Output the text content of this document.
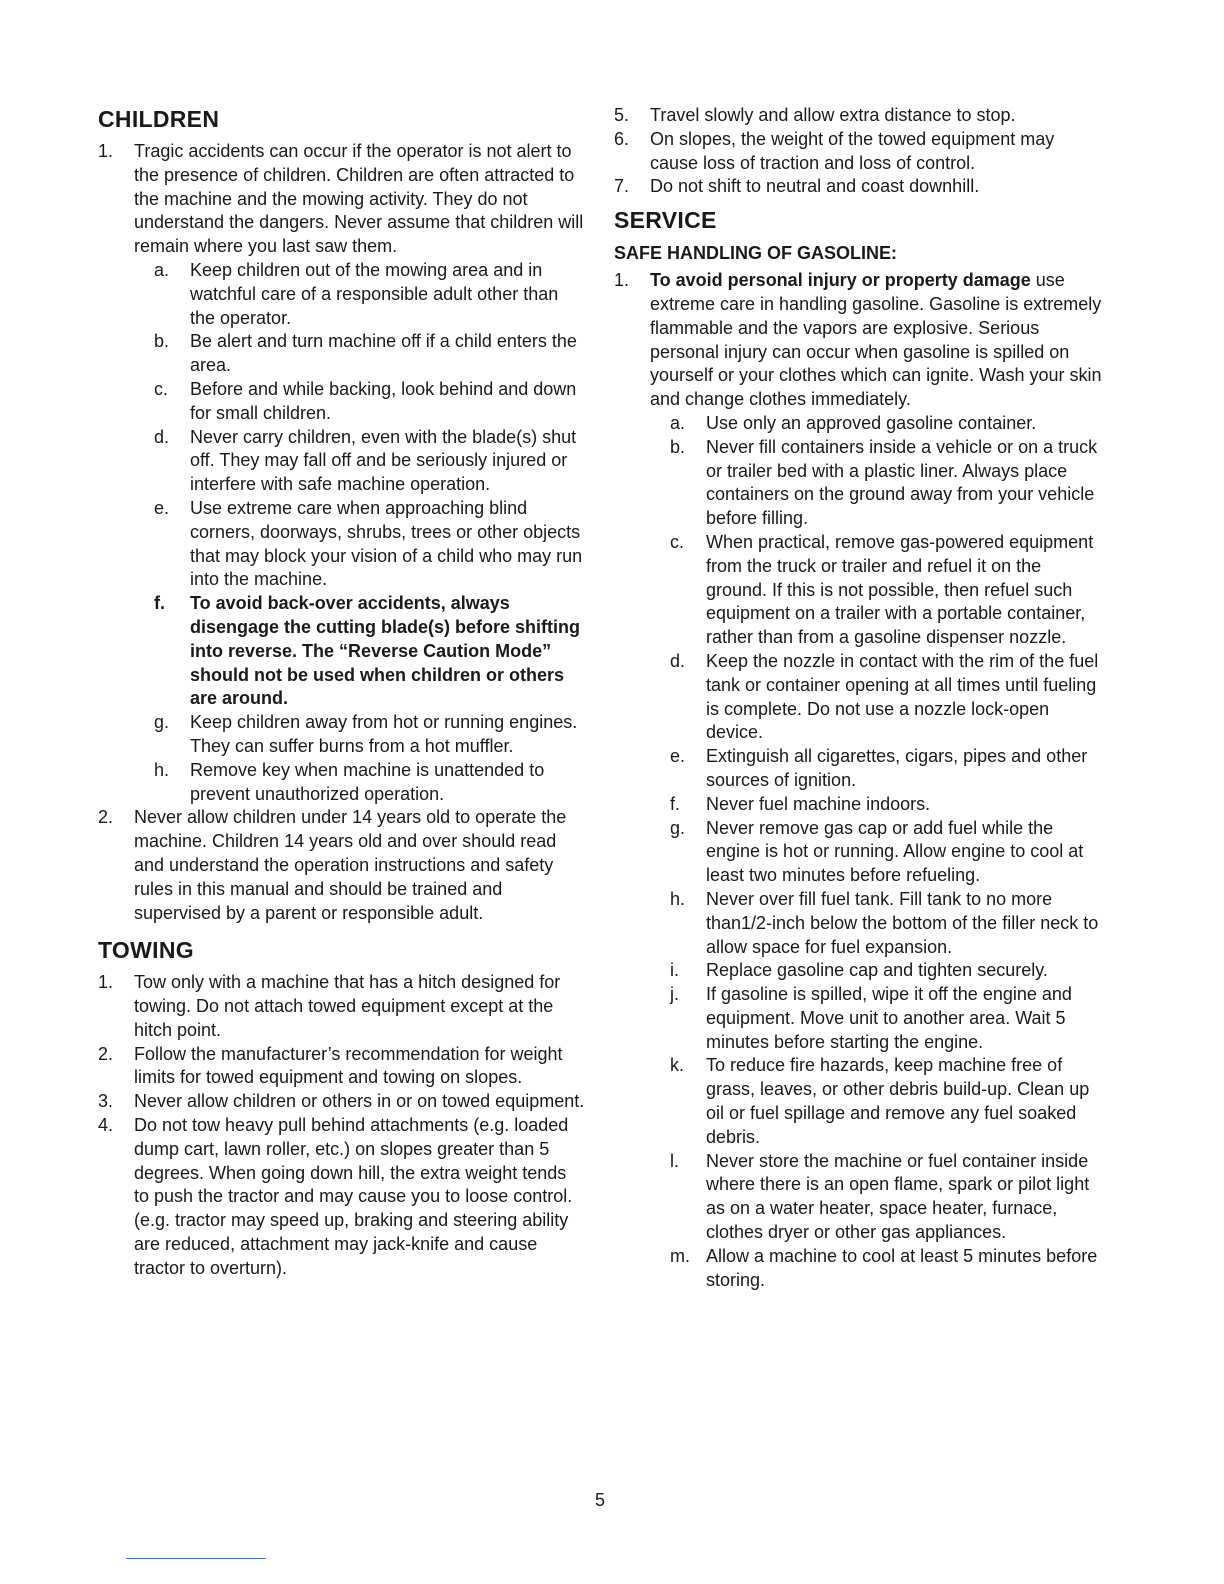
CHILDREN
1.	Tragic accidents can occur if the operator is not alert to the presence of children. Children are often attracted to the machine and the mowing activity. They do not understand the dangers. Never assume that children will remain where you last saw them.
a.	Keep children out of the mowing area and in watchful care of a responsible adult other than the operator.
b.	Be alert and turn machine off if a child enters the area.
c.	Before and while backing, look behind and down for small children.
d.	Never carry children, even with the blade(s) shut off. They may fall off and be seriously injured or interfere with safe machine operation.
e.	Use extreme care when approaching blind corners, doorways, shrubs, trees or other objects that may block your vision of a child who may run into the machine.
f.	To avoid back-over accidents, always disengage the cutting blade(s) before shifting into reverse. The “Reverse Caution Mode” should not be used when children or others are around.
g.	Keep children away from hot or running engines. They can suffer burns from a hot muffler.
h.	Remove key when machine is unattended to prevent unauthorized operation.
2.	Never allow children under 14 years old to operate the machine. Children 14 years old and over should read and understand the operation instructions and safety rules in this manual and should be trained and supervised by a parent or responsible adult.
TOWING
1.	Tow only with a machine that has a hitch designed for towing. Do not attach towed equipment except at the hitch point.
2.	Follow the manufacturer’s recommendation for weight limits for towed equipment and towing on slopes.
3.	Never allow children or others in or on towed equipment.
4.	Do not tow heavy pull behind attachments (e.g. loaded dump cart, lawn roller, etc.) on slopes greater than 5 degrees. When going down hill, the extra weight tends to push the tractor and may cause you to loose control. (e.g. tractor may speed up, braking and steering ability are reduced, attachment may jack-knife and cause tractor to overturn).
5.	Travel slowly and allow extra distance to stop.
6.	On slopes, the weight of the towed equipment may cause loss of traction and loss of control.
7.	Do not shift to neutral and coast downhill.
SERVICE
SAFE HANDLING OF GASOLINE:
1.	To avoid personal injury or property damage use extreme care in handling gasoline. Gasoline is extremely flammable and the vapors are explosive. Serious personal injury can occur when gasoline is spilled on yourself or your clothes which can ignite. Wash your skin and change clothes immediately.
a.	Use only an approved gasoline container.
b.	Never fill containers inside a vehicle or on a truck or trailer bed with a plastic liner. Always place containers on the ground away from your vehicle before filling.
c.	When practical, remove gas-powered equipment from the truck or trailer and refuel it on the ground. If this is not possible, then refuel such equipment on a trailer with a portable container, rather than from a gasoline dispenser nozzle.
d.	Keep the nozzle in contact with the rim of the fuel tank or container opening at all times until fueling is complete. Do not use a nozzle lock-open device.
e.	Extinguish all cigarettes, cigars, pipes and other sources of ignition.
f.	Never fuel machine indoors.
g.	Never remove gas cap or add fuel while the engine is hot or running. Allow engine to cool at least two minutes before refueling.
h.	Never over fill fuel tank. Fill tank to no more than1/2-inch below the bottom of the filler neck to allow space for fuel expansion.
i.	Replace gasoline cap and tighten securely.
j.	If gasoline is spilled, wipe it off the engine and equipment. Move unit to another area. Wait 5 minutes before starting the engine.
k.	To reduce fire hazards, keep machine free of grass, leaves, or other debris build-up. Clean up oil or fuel spillage and remove any fuel soaked debris.
l.	Never store the machine or fuel container inside where there is an open flame, spark or pilot light as on a water heater, space heater, furnace, clothes dryer or other gas appliances.
m. Allow a machine to cool at least 5 minutes before storing.
5
